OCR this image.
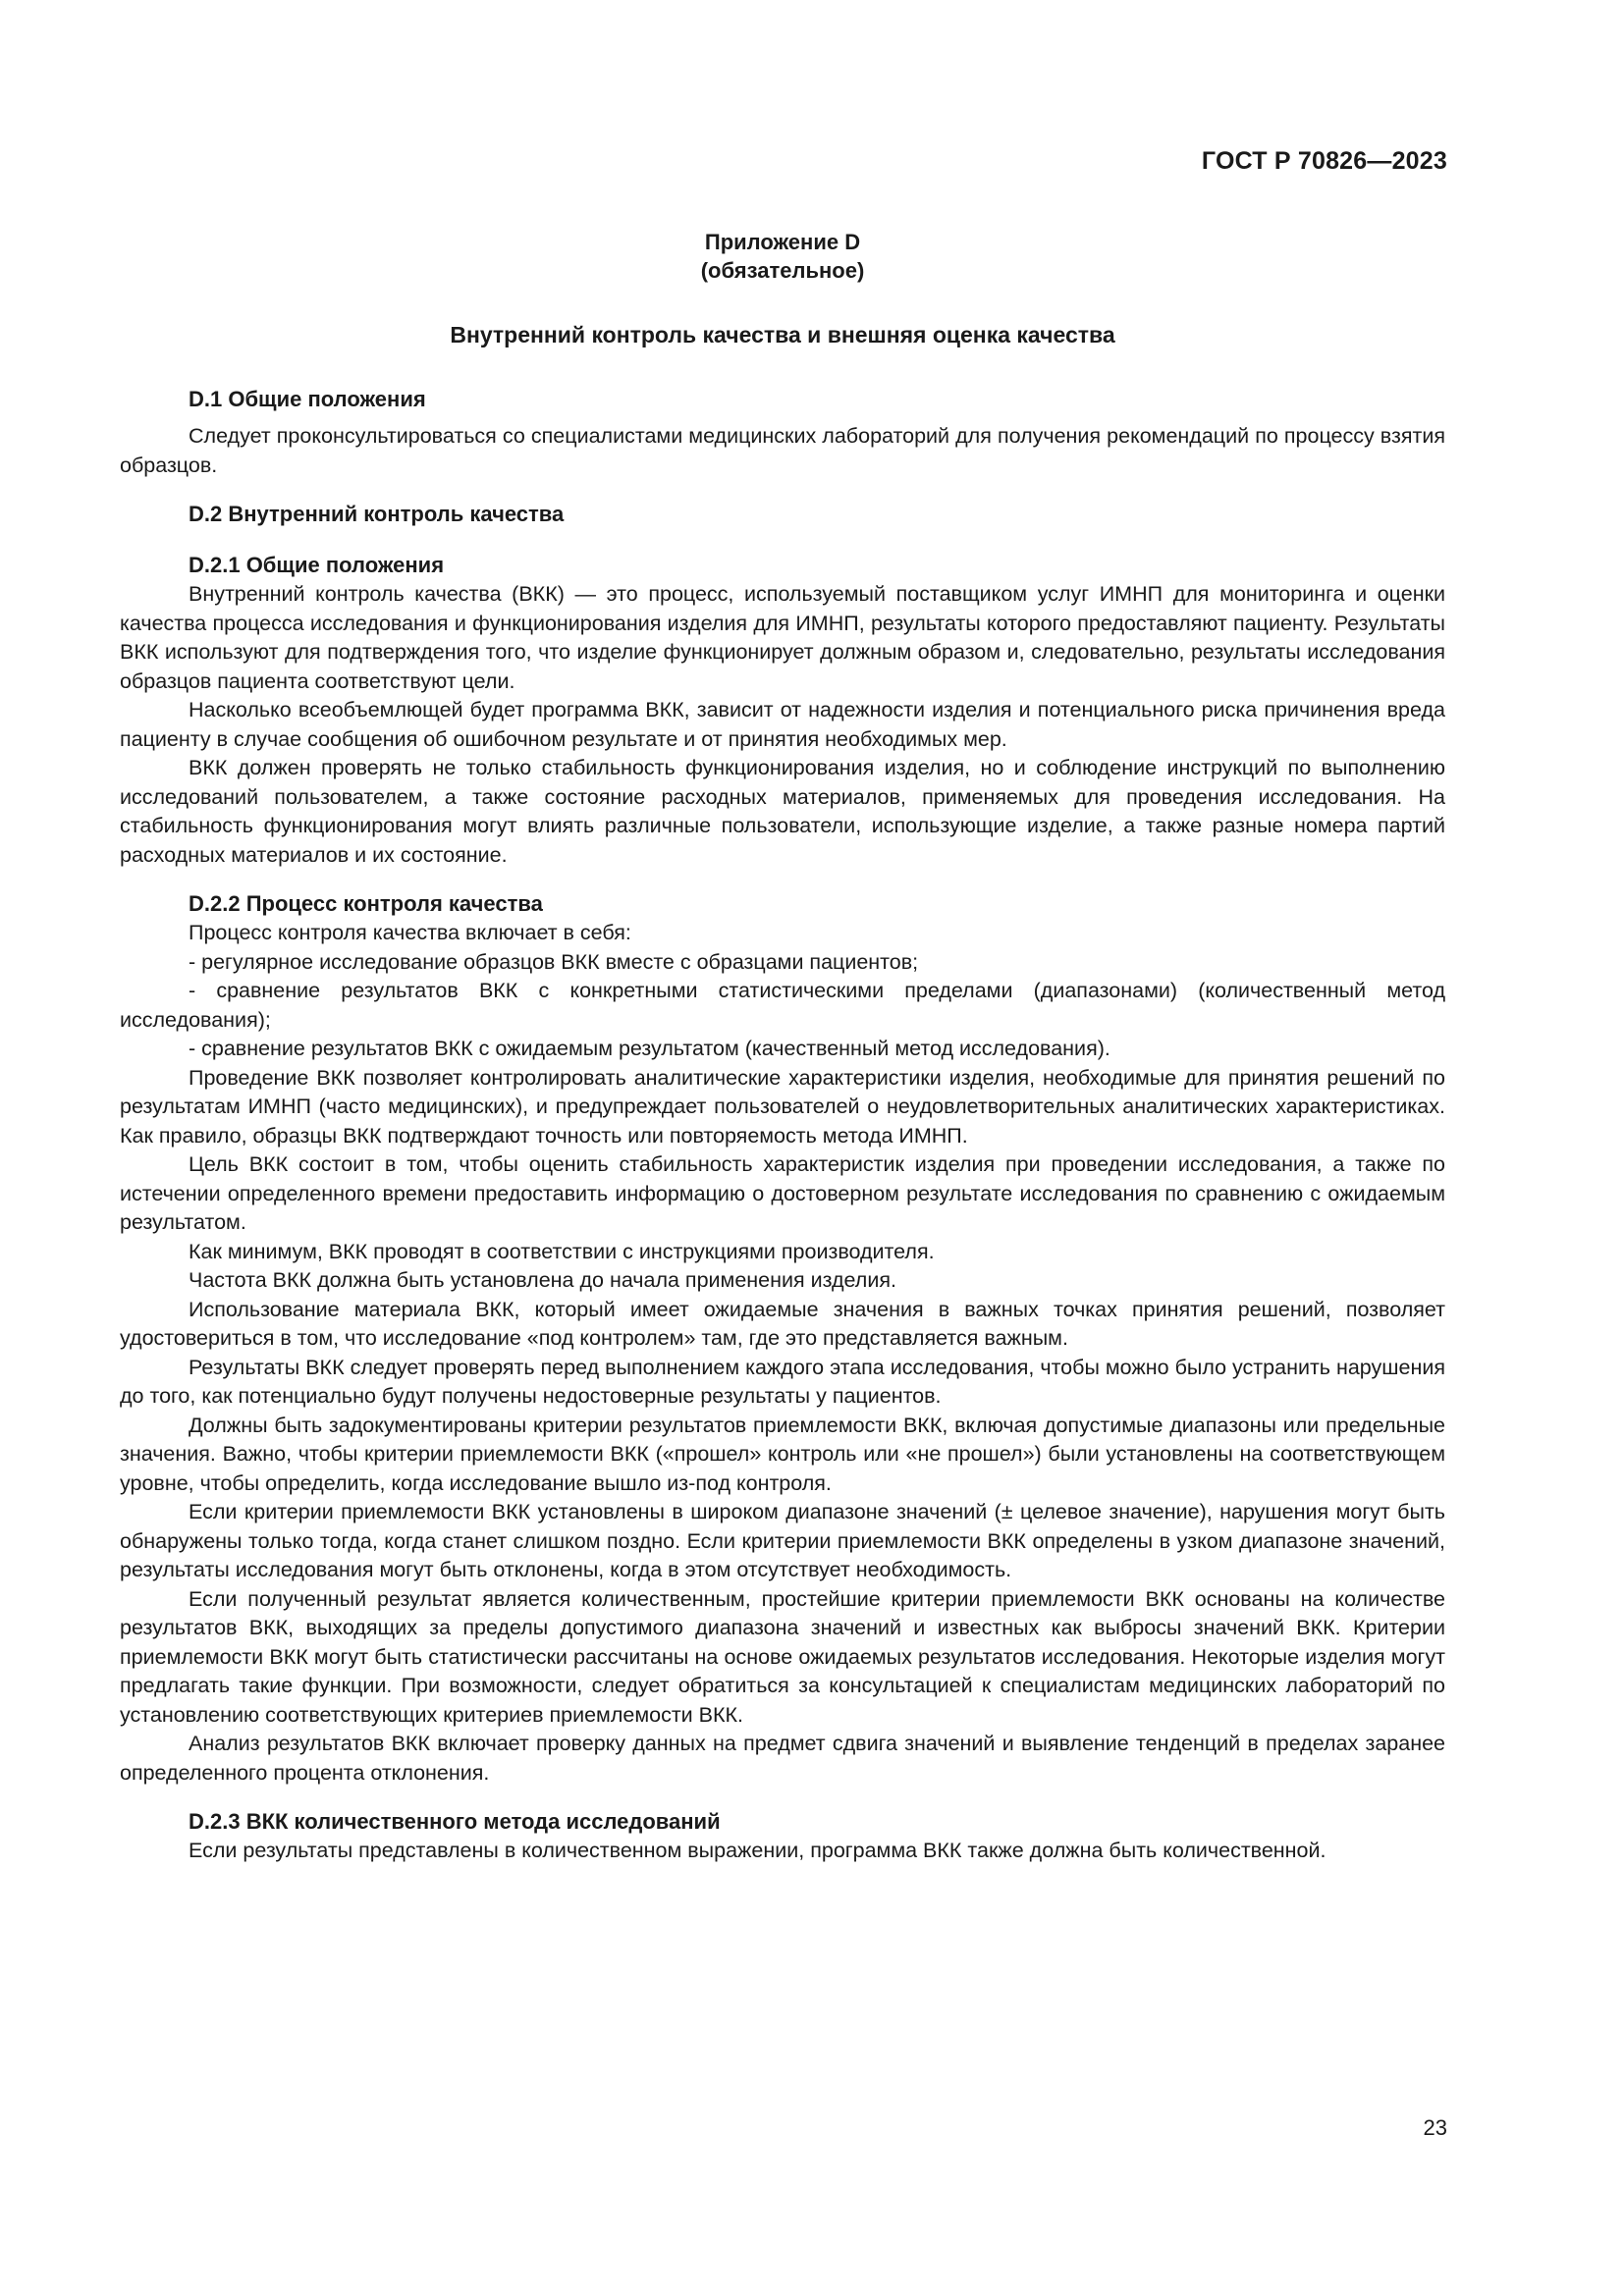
ГОСТ Р 70826—2023
Приложение D
(обязательное)
Внутренний контроль качества и внешняя оценка качества

D.1 Общие положения

Следует проконсультироваться со специалистами медицинских лабораторий для получения рекомендаций по процессу взятия образцов.

D.2 Внутренний контроль качества

D.2.1 Общие положения

Внутренний контроль качества (ВКК) — это процесс, используемый поставщиком услуг ИМНП для мониторинга и оценки качества процесса исследования и функционирования изделия для ИМНП, результаты которого предоставляют пациенту. Результаты ВКК используют для подтверждения того, что изделие функционирует должным образом и, следовательно, результаты исследования образцов пациента соответствуют цели.

Насколько всеобъемлющей будет программа ВКК, зависит от надежности изделия и потенциального риска причинения вреда пациенту в случае сообщения об ошибочном результате и от принятия необходимых мер.

ВКК должен проверять не только стабильность функционирования изделия, но и соблюдение инструкций по выполнению исследований пользователем, а также состояние расходных материалов, применяемых для проведения исследования. На стабильность функционирования могут влиять различные пользователи, использующие изделие, а также разные номера партий расходных материалов и их состояние.

D.2.2 Процесс контроля качества

Процесс контроля качества включает в себя:

- регулярное исследование образцов ВКК вместе с образцами пациентов;

- сравнение результатов ВКК с конкретными статистическими пределами (диапазонами) (количественный метод исследования);

- сравнение результатов ВКК с ожидаемым результатом (качественный метод исследования).

Проведение ВКК позволяет контролировать аналитические характеристики изделия, необходимые для принятия решений по результатам ИМНП (часто медицинских), и предупреждает пользователей о неудовлетворительных аналитических характеристиках. Как правило, образцы ВКК подтверждают точность или повторяемость метода ИМНП.

Цель ВКК состоит в том, чтобы оценить стабильность характеристик изделия при проведении исследования, а также по истечении определенного времени предоставить информацию о достоверном результате исследования по сравнению с ожидаемым результатом.

Как минимум, ВКК проводят в соответствии с инструкциями производителя.

Частота ВКК должна быть установлена до начала применения изделия.

Использование материала ВКК, который имеет ожидаемые значения в важных точках принятия решений, позволяет удостовериться в том, что исследование «под контролем» там, где это представляется важным.

Результаты ВКК следует проверять перед выполнением каждого этапа исследования, чтобы можно было устранить нарушения до того, как потенциально будут получены недостоверные результаты у пациентов.

Должны быть задокументированы критерии результатов приемлемости ВКК, включая допустимые диапазоны или предельные значения. Важно, чтобы критерии приемлемости ВКК («прошел» контроль или «не прошел») были установлены на соответствующем уровне, чтобы определить, когда исследование вышло из-под контроля.

Если критерии приемлемости ВКК установлены в широком диапазоне значений (± целевое значение), нарушения могут быть обнаружены только тогда, когда станет слишком поздно. Если критерии приемлемости ВКК определены в узком диапазоне значений, результаты исследования могут быть отклонены, когда в этом отсутствует необходимость.

Если полученный результат является количественным, простейшие критерии приемлемости ВКК основаны на количестве результатов ВКК, выходящих за пределы допустимого диапазона значений и известных как выбросы значений ВКК. Критерии приемлемости ВКК могут быть статистически рассчитаны на основе ожидаемых результатов исследования. Некоторые изделия могут предлагать такие функции. При возможности, следует обратиться за консультацией к специалистам медицинских лабораторий по установлению соответствующих критериев приемлемости ВКК.

Анализ результатов ВКК включает проверку данных на предмет сдвига значений и выявление тенденций в пределах заранее определенного процента отклонения.

D.2.3 ВКК количественного метода исследований

Если результаты представлены в количественном выражении, программа ВКК также должна быть количественной.

23
